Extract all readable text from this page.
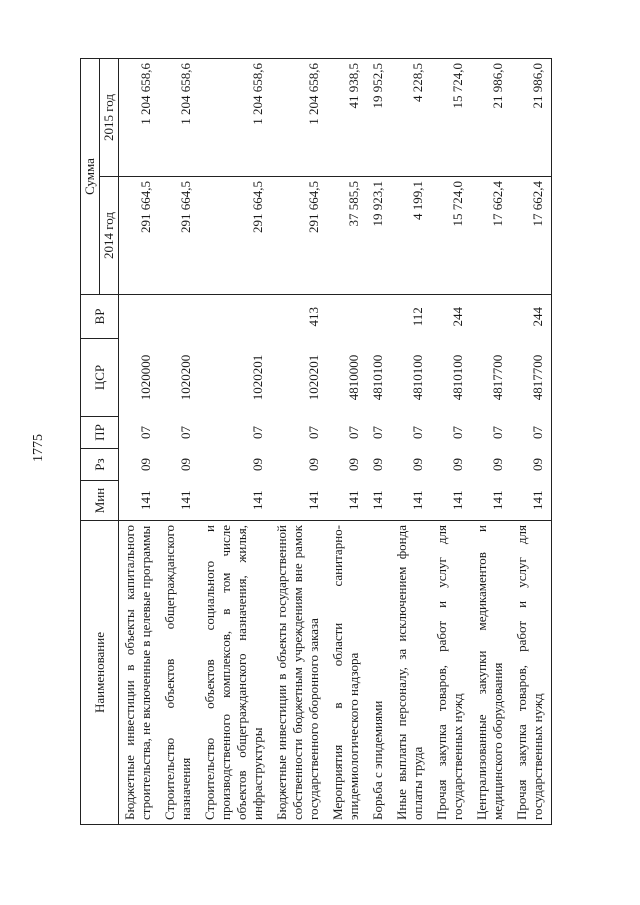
1775
Наименование	Мин	Рз	ПР	ЦСР	ВР	Сумма	
						2014 год	2015 год
Бюджетные инвестиции в объекты капитального строительства, не включенные в целевые программы	141	09	07	1020000		291 664,5	1 204 658,6
Строительство объектов общегражданского назначения	141	09	07	1020200		291 664,5	1 204 658,6
Строительство объектов социального и производственного комплексов, в том числе объектов общегражданского назначения, жилья, инфраструктуры	141	09	07	1020201		291 664,5	1 204 658,6
Бюджетные инвестиции в объекты государственной собственности бюджетным учреждениям вне рамок государственного оборонного заказа	141	09	07	1020201	413	291 664,5	1 204 658,6
Мероприятия в области санитарно-эпидемиологического надзора	141	09	07	4810000		37 585,5	41 938,5
Борьба с эпидемиями	141	09	07	4810100		19 923,1	19 952,5
Иные выплаты персоналу, за исключением фонда оплаты труда	141	09	07	4810100	112	4 199,1	4 228,5
Прочая закупка товаров, работ и услуг для государственных нужд	141	09	07	4810100	244	15 724,0	15 724,0
Централизованные закупки медикаментов и медицинского оборудования	141	09	07	4817700		17 662,4	21 986,0
Прочая закупка товаров, работ и услуг для государственных нужд	141	09	07	4817700	244	17 662,4	21 986,0
